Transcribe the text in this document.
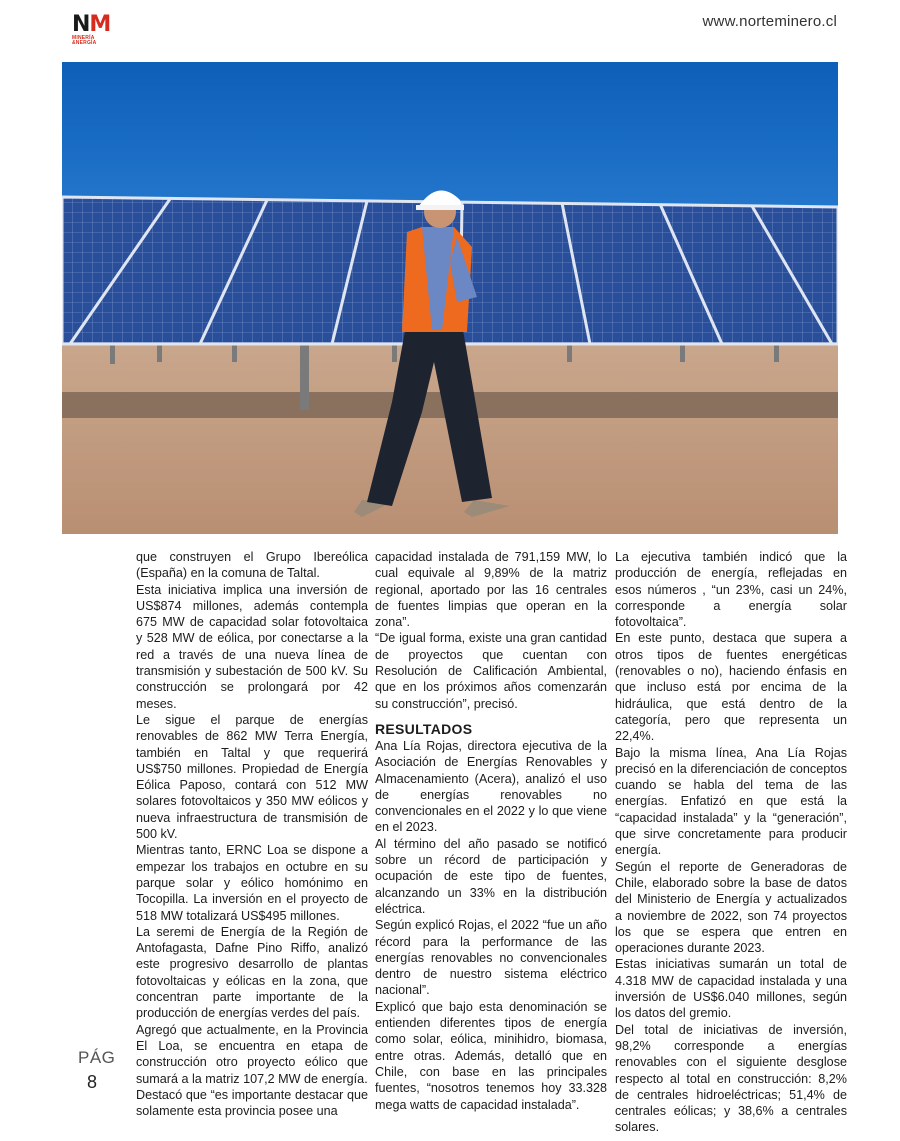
NM
MINERÍA
&NERGÍA
www.norteminero.cl

que construyen el Grupo Ibereólica (España) en la comuna de Taltal.

Esta iniciativa implica una inversión de US$874 millones, además contempla 675 MW de capacidad solar fotovoltaica y 528 MW de eólica, por conectarse a la red a través de una nueva línea de transmisión y subestación de 500 kV. Su construcción se prolongará por 42 meses.

Le sigue el parque de energías renovables de 862 MW Terra Energía, también en Taltal y que requerirá US$750 millones. Propiedad de Energía Eólica Paposo, contará con 512 MW solares fotovoltaicos y 350 MW eólicos y nueva infraestructura de transmisión de 500 kV.

Mientras tanto, ERNC Loa se dispone a empezar los trabajos en octubre en su parque solar y eólico homónimo en Tocopilla. La inversión en el proyecto de 518 MW totalizará US$495 millones.

La seremi de Energía de la Región de Antofagasta, Dafne Pino Riffo, analizó este progresivo desarrollo de plantas fotovoltaicas y eólicas en la zona, que concentran parte importante de la producción de energías verdes del país.

Agregó que actualmente, en la Provincia El Loa, se encuentra en etapa de construcción otro proyecto eólico que sumará a la matriz 107,2 MW de energía.

Destacó que “es importante destacar que solamente esta provincia posee una

capacidad instalada de 791,159 MW, lo cual equivale al 9,89% de la matriz regional, aportado por las 16 centrales de fuentes limpias que operan en la zona”.

“De igual forma, existe una gran cantidad de proyectos que cuentan con Resolución de Calificación Ambiental, que en los próximos años comenzarán su construcción”, precisó.

RESULTADOS

Ana Lía Rojas, directora ejecutiva de la Asociación de Energías Renovables y Almacenamiento (Acera), analizó el uso de energías renovables no convencionales en el 2022 y lo que viene en el 2023.

Al término del año pasado se notificó sobre un récord de participación y ocupación de este tipo de fuentes, alcanzando un 33% en la distribución eléctrica.

Según explicó Rojas, el 2022 “fue un año récord para la performance de las energías renovables no convencionales dentro de nuestro sistema eléctrico nacional”.

Explicó que bajo esta denominación se entienden diferentes tipos de energía como solar, eólica, minihidro, biomasa, entre otras. Además, detalló que en Chile, con base en las principales fuentes, “nosotros tenemos hoy 33.328 mega watts de capacidad instalada”.

La ejecutiva también indicó que la producción de energía, reflejadas en esos números , “un 23%, casi un 24%, corresponde a energía solar fotovoltaica”.

En este punto, destaca que supera a otros tipos de fuentes energéticas (renovables o no), haciendo énfasis en que incluso está por encima de la hidráulica, que está dentro de la categoría, pero que representa un 22,4%.

Bajo la misma línea, Ana Lía Rojas precisó en la diferenciación de conceptos cuando se habla del tema de las energías. Enfatizó en que está la “capacidad instalada” y la “generación”, que sirve concretamente para producir energía.

Según el reporte de Generadoras de Chile, elaborado sobre la base de datos del Ministerio de Energía y actualizados a noviembre de 2022, son 74 proyectos los que se espera que entren en operaciones durante 2023.

Estas iniciativas sumarán un total de 4.318 MW de capacidad instalada y una inversión de US$6.040 millones, según los datos del gremio.

Del total de iniciativas de inversión, 98,2% corresponde a energías renovables con el siguiente desglose respecto al total en construcción: 8,2% de centrales hidroeléctricas; 51,4% de centrales eólicas; y 38,6% a centrales solares.

PÁG
8
